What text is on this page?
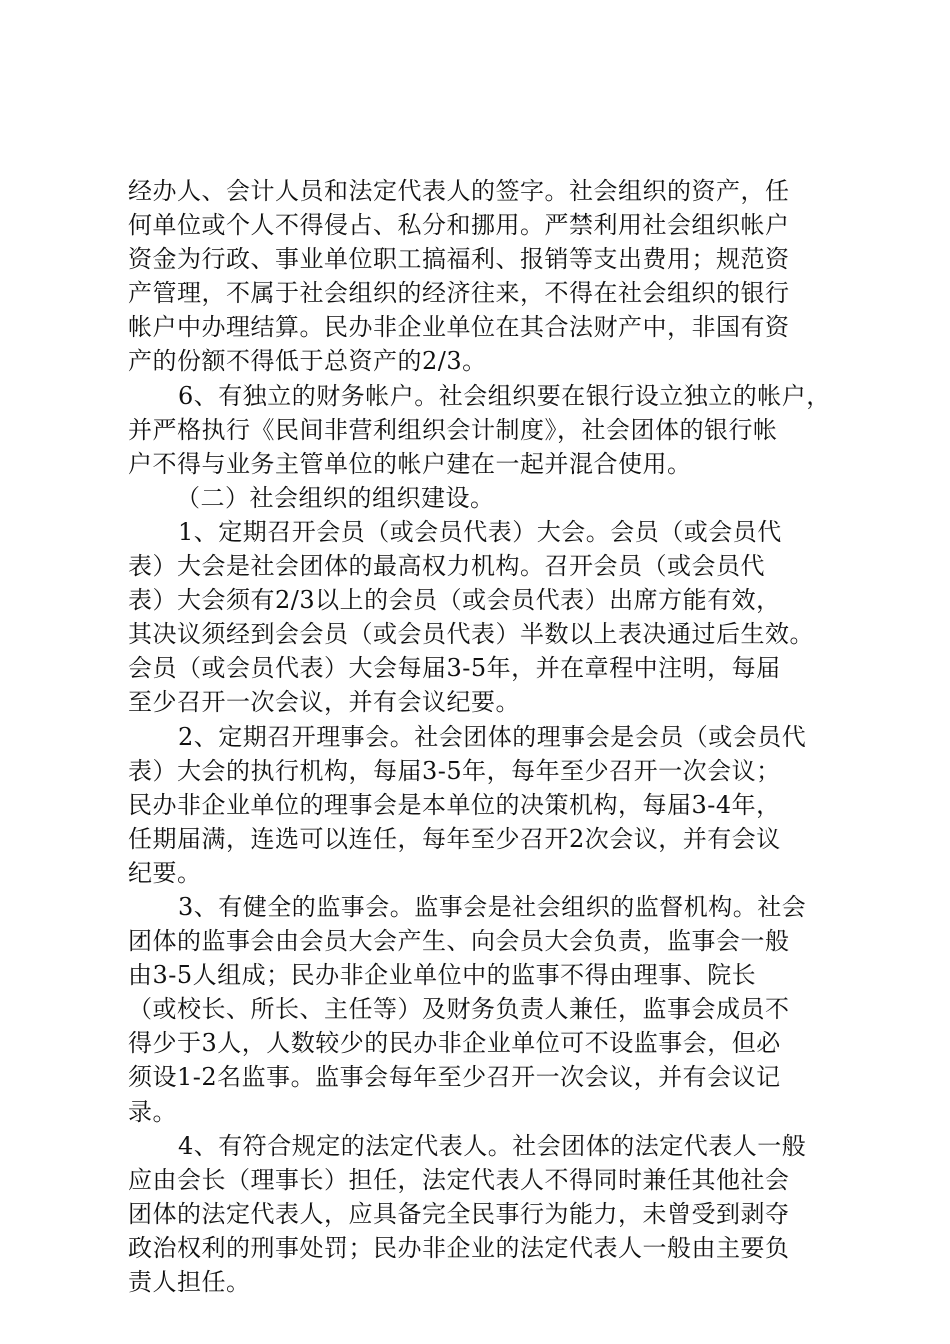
经办人、会计人员和法定代表人的签字。社会组织的资产，任
何单位或个人不得侵占、私分和挪用。严禁利用社会组织帐户
资金为行政、事业单位职工搞福利、报销等支出费用；规范资
产管理，不属于社会组织的经济往来，不得在社会组织的银行
帐户中办理结算。民办非企业单位在其合法财产中，非国有资
产的份额不得低于总资产的2/3。
6、有独立的财务帐户。社会组织要在银行设立独立的帐户，
并严格执行《民间非营利组织会计制度》，社会团体的银行帐
户不得与业务主管单位的帐户建在一起并混合使用。
（二）社会组织的组织建设。
1、定期召开会员（或会员代表）大会。会员（或会员代
表）大会是社会团体的最高权力机构。召开会员（或会员代
表）大会须有2/3以上的会员（或会员代表）出席方能有效，
其决议须经到会会员（或会员代表）半数以上表决通过后生效。
会员（或会员代表）大会每届3-5年，并在章程中注明，每届
至少召开一次会议，并有会议纪要。
2、定期召开理事会。社会团体的理事会是会员（或会员代
表）大会的执行机构，每届3-5年，每年至少召开一次会议；
民办非企业单位的理事会是本单位的决策机构，每届3-4年，
任期届满，连选可以连任，每年至少召开2次会议，并有会议
纪要。
3、有健全的监事会。监事会是社会组织的监督机构。社会
团体的监事会由会员大会产生、向会员大会负责，监事会一般
由3-5人组成；民办非企业单位中的监事不得由理事、院长
（或校长、所长、主任等）及财务负责人兼任，监事会成员不
得少于3人，人数较少的民办非企业单位可不设监事会，但必
须设1-2名监事。监事会每年至少召开一次会议，并有会议记
录。
4、有符合规定的法定代表人。社会团体的法定代表人一般
应由会长（理事长）担任，法定代表人不得同时兼任其他社会
团体的法定代表人，应具备完全民事行为能力，未曾受到剥夺
政治权利的刑事处罚；民办非企业的法定代表人一般由主要负
责人担任。
